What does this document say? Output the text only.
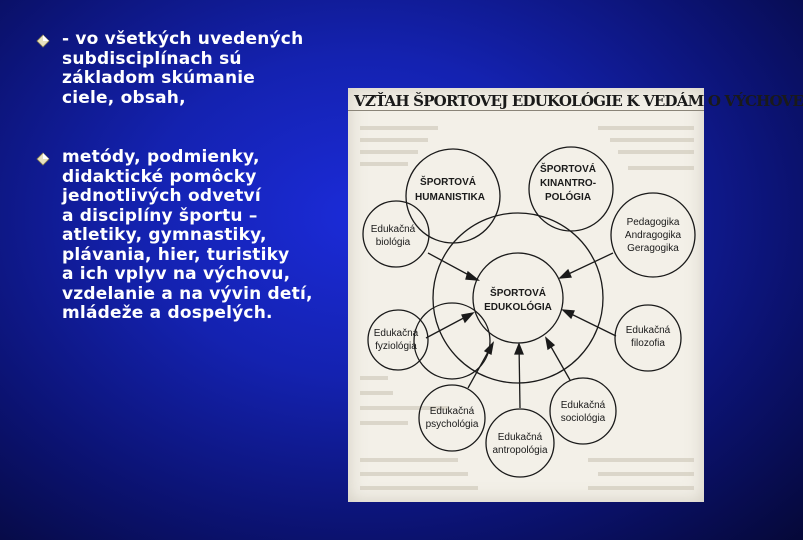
- vo všetkých uvedených
subdisciplínach sú
základom skúmanie
ciele, obsah,
metódy, podmienky,
didaktické pomôcky
jednotlivých odvetví
a disciplíny športu –
atletiky, gymnastiky,
plávania, hier, turistiky
a ich vplyv na výchovu,
vzdelanie a na vývin detí,
mládeže a dospelých.
VZŤAH ŠPORTOVEJ EDUKOLÓGIE K VEDÁM O VÝCHOVE
ŠPORTOVÁ
HUMANISTIKA
ŠPORTOVÁ
KINANTRO-
POLÓGIA
ŠPORTOVÁ
EDUKOLÓGIA
Edukačná
biológia
Edukačná
fyziológia
Edukačná
psychológia
Edukačná
antropológia
Edukačná
sociológia
Edukačná
filozofia
Pedagogika
Andragogika
Geragogika
